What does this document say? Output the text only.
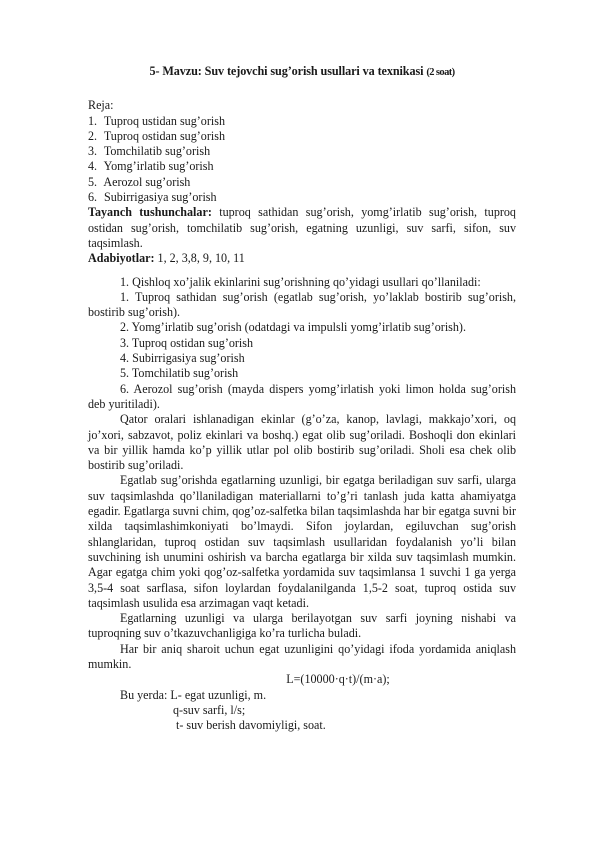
5- Mavzu: Suv tejovchi sug’orish usullari va texnikasi (2 soat)

Reja:

1. Tuproq ustidan sug’orish
2. Tuproq ostidan sug’orish
3. Tomchilatib sug’orish
4. Yomg’irlatib sug’orish
5. Aerozol sug’orish
6. Subirrigasiya sug’orish

Tayanch tushunchalar: tuproq sathidan sug’orish, yomg’irlatib sug’orish, tuproq ostidan sug’orish, tomchilatib sug’orish, egatning uzunligi, suv sarfi, sifon, suv taqsimlash.

Adabiyotlar: 1, 2, 3,8, 9, 10, 11

1. Qishloq xo’jalik ekinlarini sug’orishning qo’yidagi usullari qo’llaniladi:

1. Tuproq sathidan sug’orish (egatlab sug’orish, yo’laklab bostirib sug’orish, bostirib sug’orish).

2. Yomg’irlatib sug’orish (odatdagi va impulsli yomg’irlatib sug’orish).

3. Tuproq ostidan sug’orish

4. Subirrigasiya sug’orish

5. Tomchilatib sug’orish

6. Aerozol sug’orish (mayda dispers yomg’irlatish yoki limon holda sug’orish deb yuritiladi).

Qator oralari ishlanadigan ekinlar (g’o’za, kanop, lavlagi, makkajo’xori, oq jo’xori, sabzavot, poliz ekinlari va boshq.) egat olib sug’oriladi. Boshoqli don ekinlari va bir yillik hamda ko’p yillik utlar pol olib bostirib sug’oriladi. Sholi esa chek olib bostirib sug’oriladi.

Egatlab sug’orishda egatlarning uzunligi, bir egatga beriladigan suv sarfi, ularga suv taqsimlashda qo’llaniladigan materiallarni to’g’ri tanlash juda katta ahamiyatga egadir. Egatlarga suvni chim, qog’oz-salfetka bilan taqsimlashda har bir egatga suvni bir xilda taqsimlashimkoniyati bo’lmaydi. Sifon joylardan, egiluvchan sug’orish shlanglaridan, tuproq ostidan suv taqsimlash usullaridan foydalanish yo’li bilan suvchining ish unumini oshirish va barcha egatlarga bir xilda suv taqsimlash mumkin. Agar egatga chim yoki qog’oz-salfetka yordamida suv taqsimlansa 1 suvchi 1 ga yerga 3,5-4 soat sarflasa, sifon loylardan foydalanilganda 1,5-2 soat, tuproq ostida suv taqsimlash usulida esa arzimagan vaqt ketadi.

Egatlarning uzunligi va ularga berilayotgan suv sarfi joyning nishabi va tuproqning suv o’tkazuvchanligiga ko’ra turlicha buladi.

Har bir aniq sharoit uchun egat uzunligini qo’yidagi ifoda yordamida aniqlash mumkin.

L=(10000·q·t)/(m·a);

Bu yerda: L- egat uzunligi, m.

q-suv sarfi, l/s;

t- suv berish davomiyligi, soat.
